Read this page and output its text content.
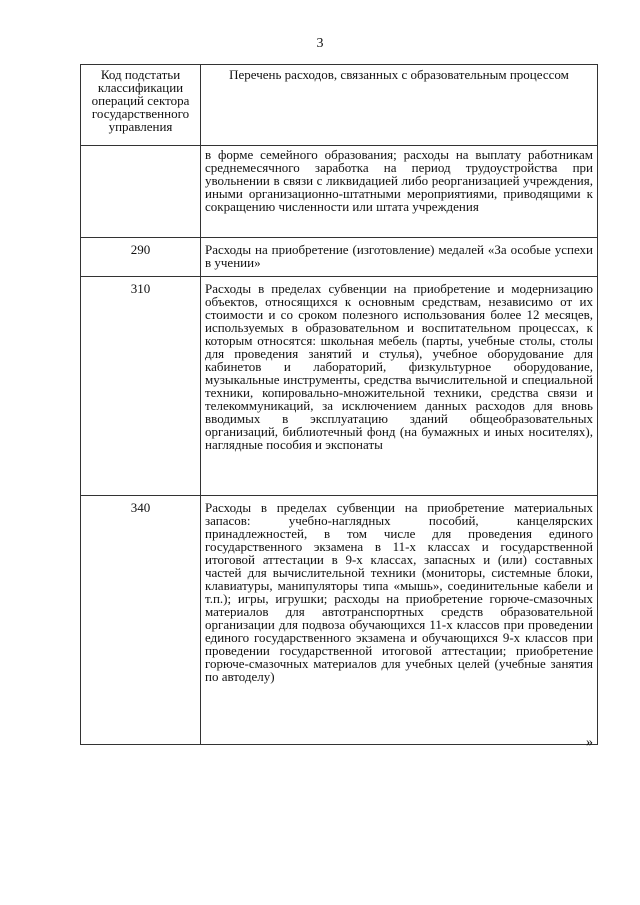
3
Код подстатьи классификации операций сектора государственного управления	Перечень расходов, связанных с образовательным процессом
	в форме семейного образования; расходы на выплату работникам среднемесячного заработка на период трудоустройства при увольнении в связи с ликвидацией либо реорганизацией учреждения, иными организационно-штатными мероприятиями, приводящими к сокращению численности или штата учреждения
290	Расходы на приобретение (изготовление) медалей «За особые успехи в учении»
310	Расходы в пределах субвенции на приобретение и модернизацию объектов, относящихся к основным средствам, независимо от их стоимости и со сроком полезного использования более 12 месяцев, используемых в образовательном и воспитательном процессах, к которым относятся: школьная мебель (парты, учебные столы, столы для проведения занятий и стулья), учебное оборудование для кабинетов и лабораторий, физкультурное оборудование, музыкальные инструменты, средства вычислительной и специальной техники, копировально-множительной техники, средства связи и телекоммуникаций, за исключением данных расходов для вновь вводимых в эксплуатацию зданий общеобразовательных организаций, библиотечный фонд (на бумажных и иных носителях), наглядные пособия и экспонаты
340	Расходы в пределах субвенции на приобретение материальных запасов: учебно-наглядных пособий, канцелярских принадлежностей, в том числе для проведения единого государственного экзамена в 11-х классах и государственной итоговой аттестации в 9-х классах, запасных и (или) составных частей для вычислительной техники (мониторы, системные блоки, клавиатуры, манипуляторы типа «мышь», соединительные кабели и т.п.); игры, игрушки; расходы на приобретение горюче-смазочных материалов для автотранспортных средств образовательной организации для подвоза обучающихся 11-х классов при проведении единого государственного экзамена и обучающихся 9-х классов при проведении государственной итоговой аттестации; приобретение горюче-смазочных материалов для учебных целей (учебные занятия по автоделу)
»
